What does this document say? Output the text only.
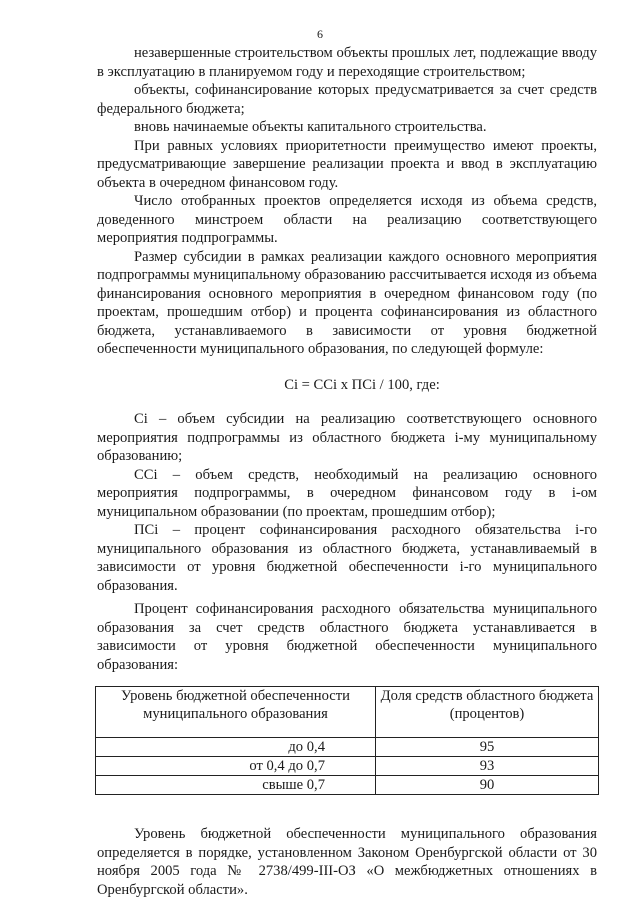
6

незавершенные строительством объекты прошлых лет, подлежащие вводу в эксплуатацию в планируемом году и переходящие строительством;

объекты, софинансирование которых предусматривается за счет средств федерального бюджета;

вновь начинаемые объекты капитального строительства.

При равных условиях приоритетности преимущество имеют проекты, предусматривающие завершение реализации проекта и ввод в эксплуатацию объекта в очередном финансовом году.

Число отобранных проектов определяется исходя из объема средств, доведенного минстроем области на реализацию соответствующего мероприятия подпрограммы.

Размер субсидии в рамках реализации каждого основного мероприятия подпрограммы муниципальному образованию рассчитывается исходя из объема финансирования основного мероприятия в очередном финансовом году (по проектам, прошедшим отбор) и процента софинансирования из областного бюджета, устанавливаемого в зависимости от уровня бюджетной обеспеченности муниципального образования, по следующей формуле:

Ci = CCi x ПCi / 100, где:

Ci – объем субсидии на реализацию соответствующего основного мероприятия подпрограммы из областного бюджета i-му муниципальному образованию;

CCi – объем средств, необходимый на реализацию основного мероприятия подпрограммы, в очередном финансовом году в i-ом муниципальном образовании (по проектам, прошедшим отбор);

ПCi – процент софинансирования расходного обязательства i-го муниципального образования из областного бюджета, устанавливаемый в зависимости от уровня бюджетной обеспеченности i-го муниципального образования.

Процент софинансирования расходного обязательства муниципального образования за счет средств областного бюджета устанавливается в зависимости от уровня бюджетной обеспеченности муниципального образования:

Уровень бюджетной обеспеченности муниципального образования	Доля средств областного бюджета (процентов)
до 0,4	95
от 0,4 до 0,7	93
свыше 0,7	90

Уровень бюджетной обеспеченности муниципального образования определяется в порядке, установленном Законом Оренбургской области от 30 ноября 2005 года № 2738/499-III-ОЗ «О межбюджетных отношениях в Оренбургской области».
